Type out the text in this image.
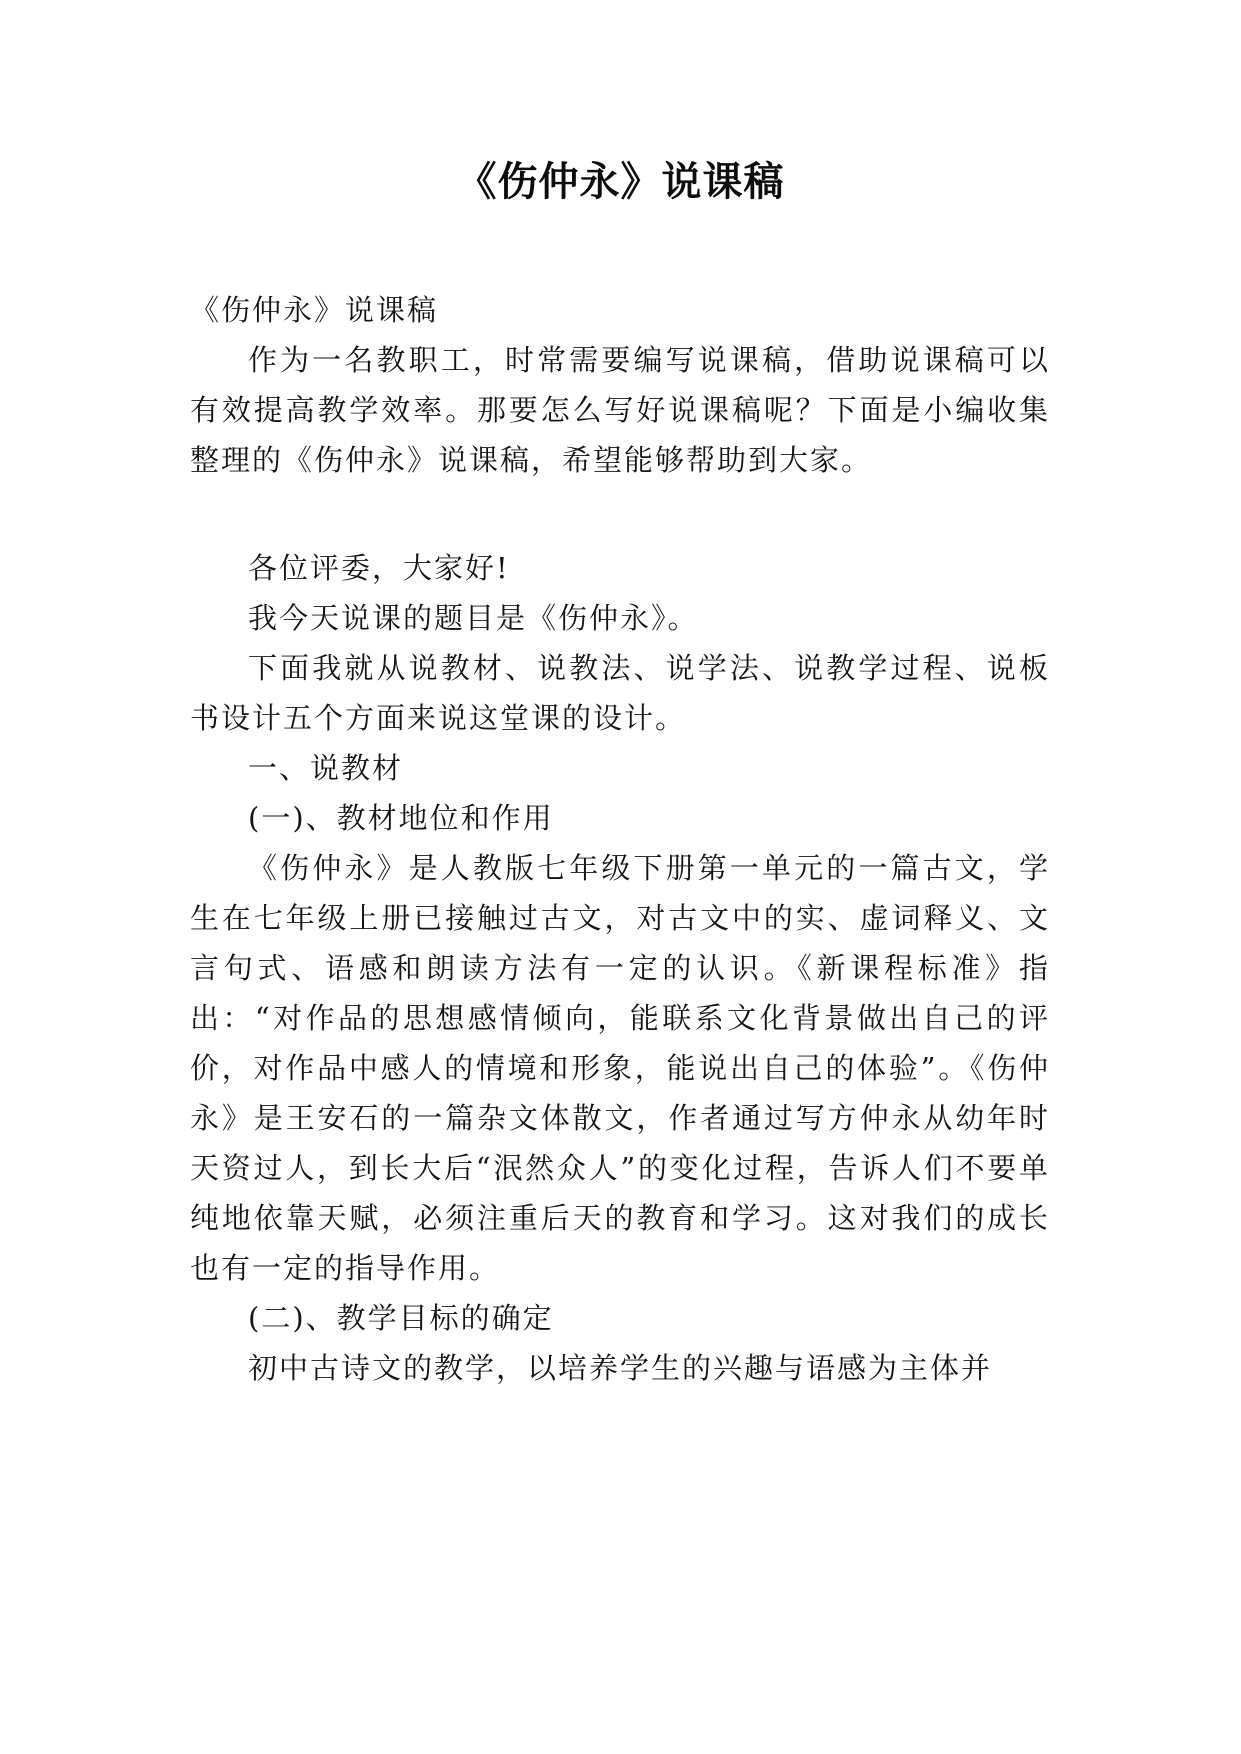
《伤仲永》说课稿

《伤仲永》说课稿

作为一名教职工，时常需要编写说课稿，借助说课稿可以有效提高教学效率。那要怎么写好说课稿呢？下面是小编收集整理的《伤仲永》说课稿，希望能够帮助到大家。

各位评委，大家好!

我今天说课的题目是《伤仲永》。

下面我就从说教材、说教法、说学法、说教学过程、说板书设计五个方面来说这堂课的设计。

一、说教材

(一)、教材地位和作用

《伤仲永》是人教版七年级下册第一单元的一篇古文，学生在七年级上册已接触过古文，对古文中的实、虚词释义、文言句式、语感和朗读方法有一定的认识。《新课程标准》指出：“对作品的思想感情倾向，能联系文化背景做出自己的评价，对作品中感人的情境和形象，能说出自己的体验”。《伤仲永》是王安石的一篇杂文体散文，作者通过写方仲永从幼年时天资过人，到长大后“泯然众人”的变化过程，告诉人们不要单纯地依靠天赋，必须注重后天的教育和学习。这对我们的成长也有一定的指导作用。

(二)、教学目标的确定

初中古诗文的教学，以培养学生的兴趣与语感为主体并
